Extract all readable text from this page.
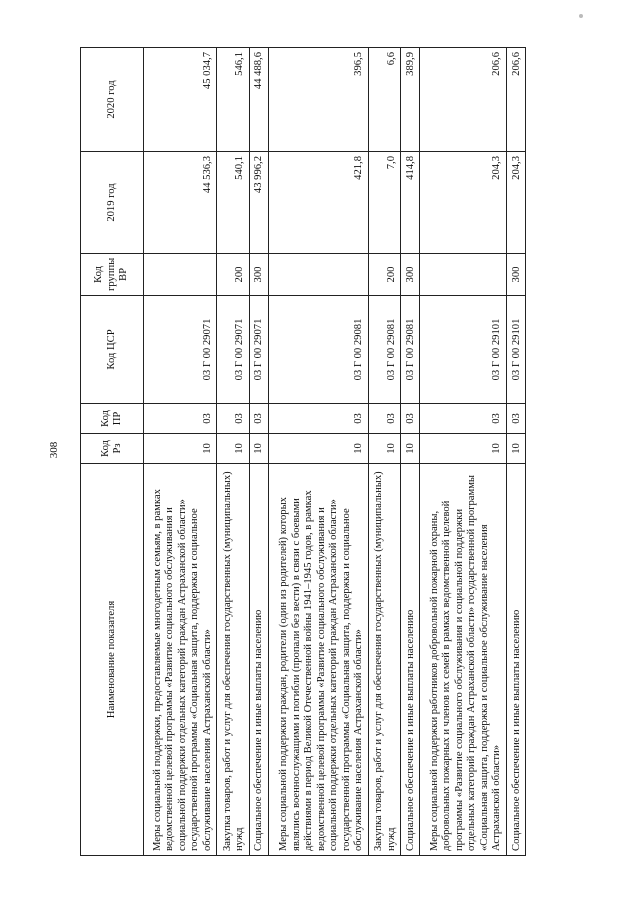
308
Наименование показателя	Код Рз	Код ПР	Код ЦСР	Код группы ВР	2019 год	2020 год
Меры социальной поддержки, предоставляемые многодетным семьям, в рамках ведомственной целевой программы «Развитие социального обслуживания и социальной поддержки отдельных категорий граждан Астраханской области» государственной программы «Социальная защита, поддержка и социальное обслуживание населения Астраханской области»	10	03	03 Г 00 29071		44 536,3	45 034,7
Закупка товаров, работ и услуг для обеспечения государственных (муниципальных) нужд	10	03	03 Г 00 29071	200	540,1	546,1
Социальное обеспечение и иные выплаты населению	10	03	03 Г 00 29071	300	43 996,2	44 488,6
Меры социальной поддержки граждан, родители (один из родителей) которых являлись военнослужащими и погибли (пропали без вести) в связи с боевыми действиями в период Великой Отечественной войны 1941–1945 годов, в рамках ведомственной целевой программы «Развитие социального обслуживания и социальной поддержки отдельных категорий граждан Астраханской области» государственной программы «Социальная защита, поддержка и социальное обслуживание населения Астраханской области»	10	03	03 Г 00 29081		421,8	396,5
Закупка товаров, работ и услуг для обеспечения государственных (муниципальных) нужд	10	03	03 Г 00 29081	200	7,0	6,6
Социальное обеспечение и иные выплаты населению	10	03	03 Г 00 29081	300	414,8	389,9
Меры социальной поддержки работников добровольной пожарной охраны, добровольных пожарных и членов их семей в рамках ведомственной целевой программы «Развитие социального обслуживания и социальной поддержки отдельных категорий граждан Астраханской области» государственной программы «Социальная защита, поддержка и социальное обслуживание населения Астраханской области»	10	03	03 Г 00 29101		204,3	206,6
Социальное обеспечение и иные выплаты населению	10	03	03 Г 00 29101	300	204,3	206,6
